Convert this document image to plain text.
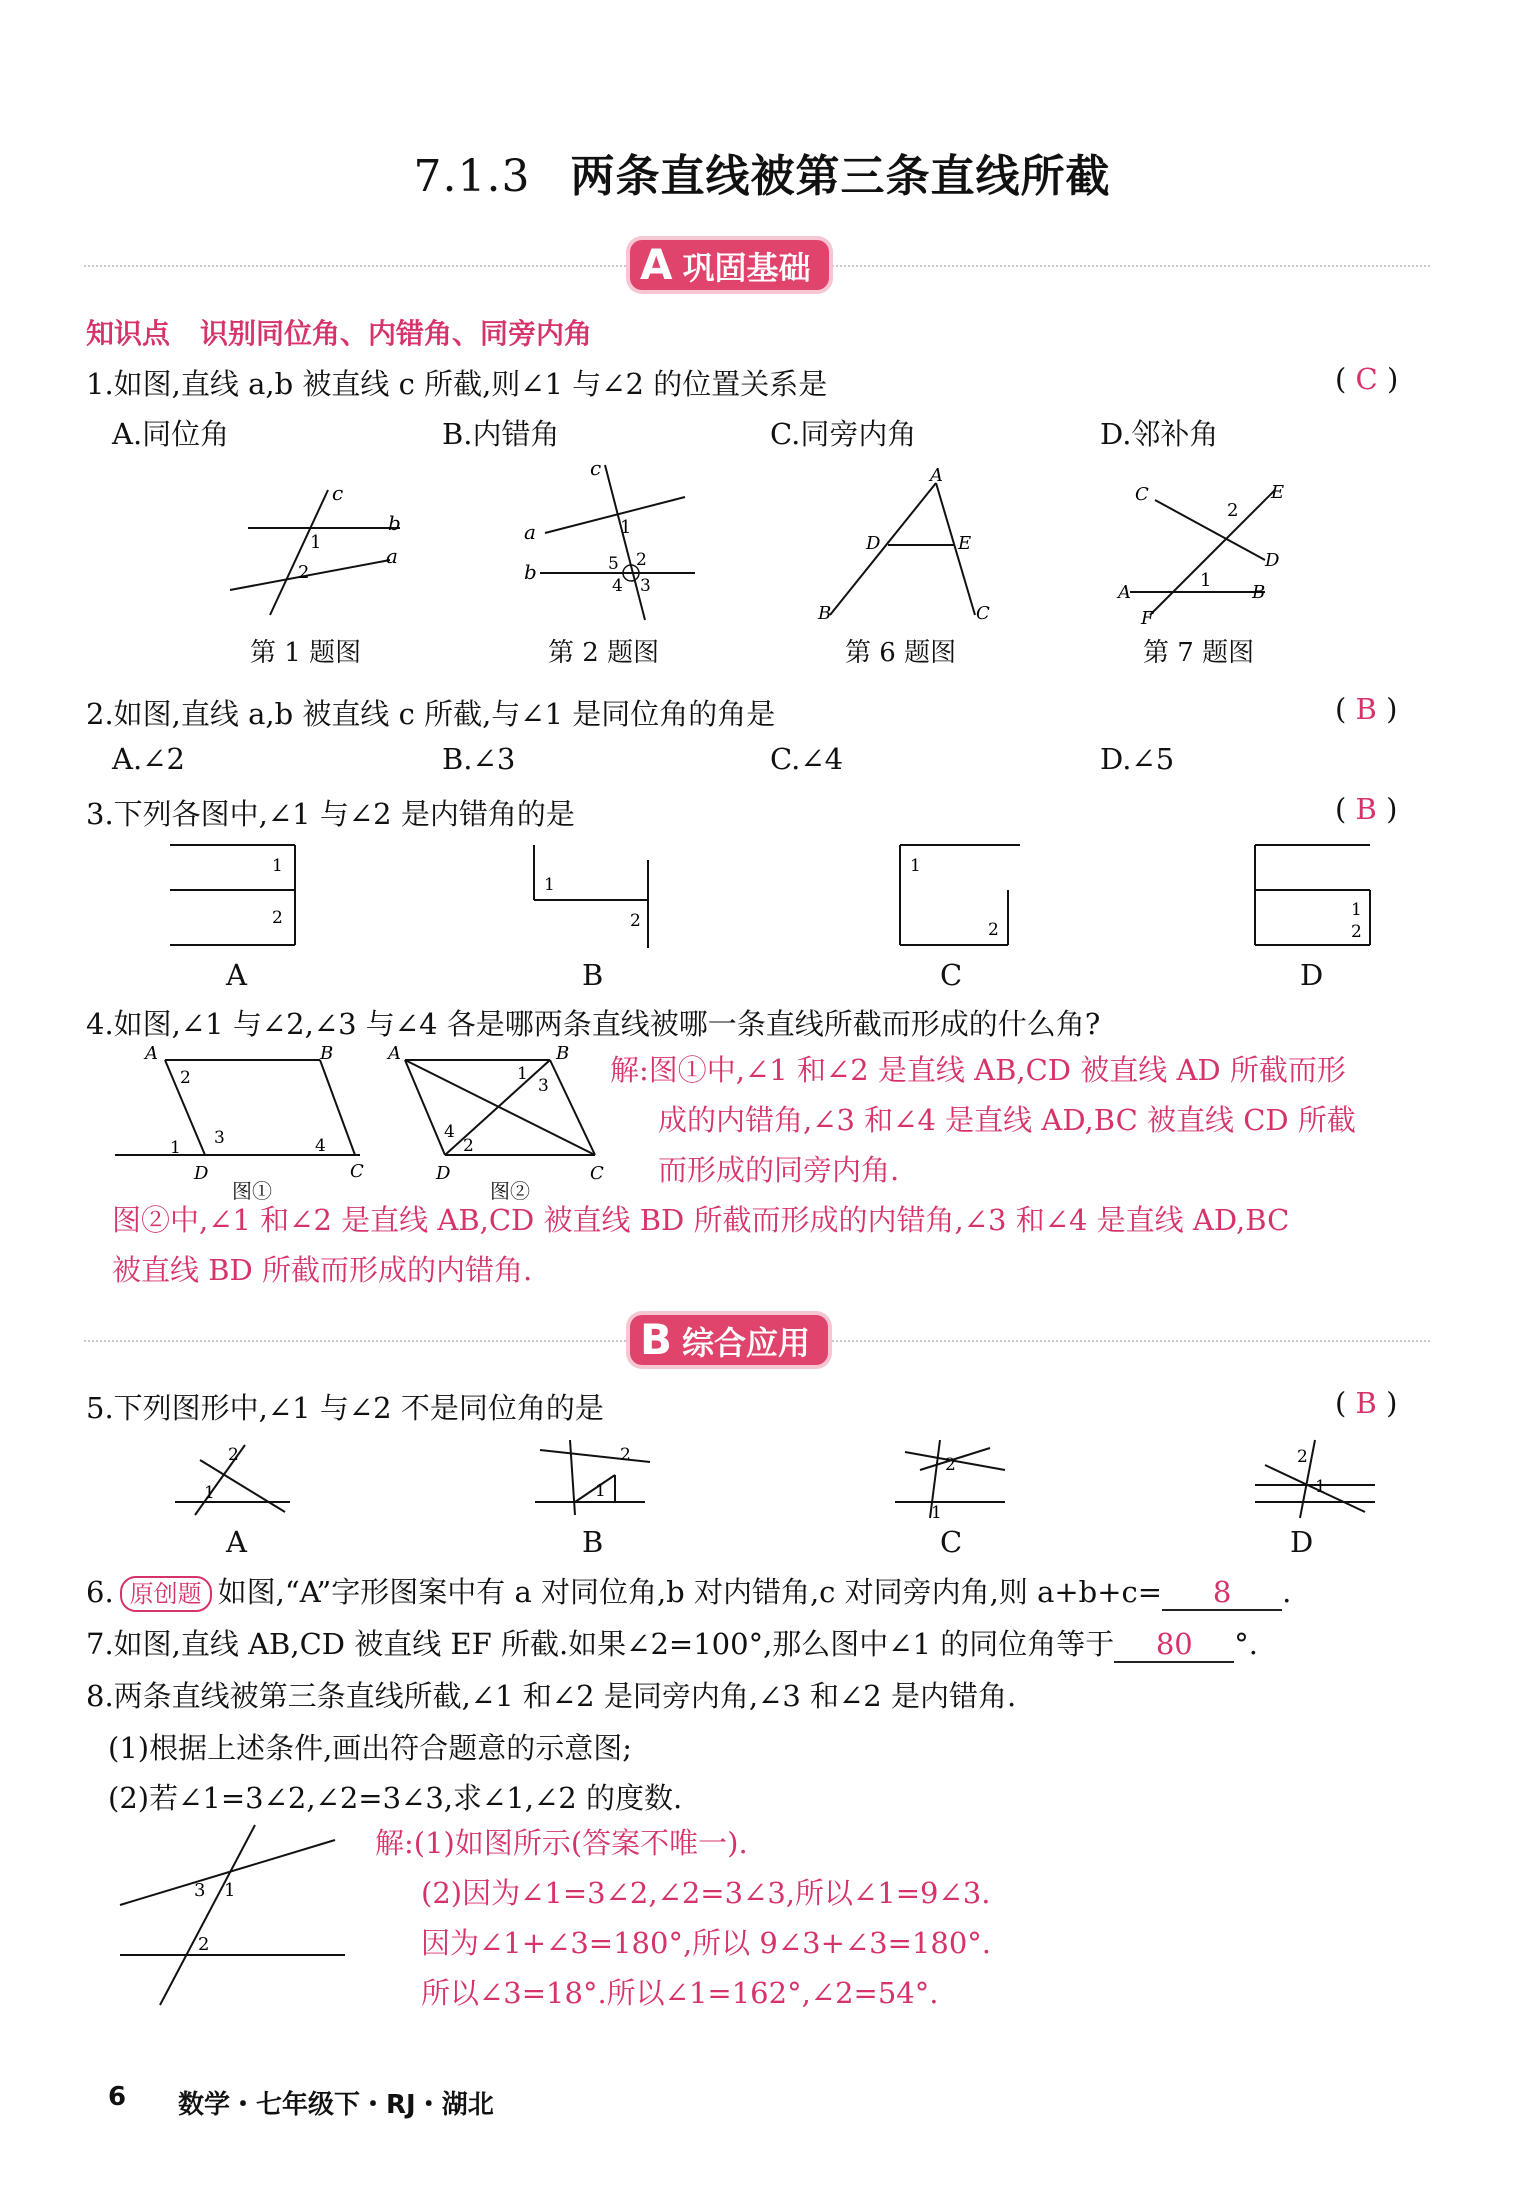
7.1.3 两条直线被第三条直线所截
A 巩固基础
知识点 识别同位角、内错角、同旁内角
1.如图,直线 a,b 被直线 c 所截,则∠1 与∠2 的位置关系是	( C )
A.同位角	B.内错角	C.同旁内角	D.邻补角
c
1
2
b
a
第 1 题图
c
a
b
1
5
4 3
2
第 2 题图
A
D	E
B	C
第 6 题图
C	E
2
D
1
A	B
F
第 7 题图
2.如图,直线 a,b 被直线 c 所截,与∠1 是同位角的角是	( B )
A.∠2	B.∠3	C.∠4	D.∠5
3.下列各图中,∠1 与∠2 是内错角的是	( B )
1
2
1
2
1
2
1
2
A	B	C	D
4.如图,∠1 与∠2,∠3 与∠4 各是哪两条直线被哪一条直线所截而形成的什么角?
A
2
B
1 3	4
D	C
图①
A	B
1
3
4
2
D	C
图②
解:图①中,∠1 和∠2 是直线 AB,CD 被直线 AD 所截而形
成的内错角,∠3 和∠4 是直线 AD,BC 被直线 CD 所截
而形成的同旁内角.
图②中,∠1 和∠2 是直线 AB,CD 被直线 BD 所截而形成的内错角,∠3 和∠4 是直线 AD,BC
被直线 BD 所截而形成的内错角.
B 综合应用
5.下列图形中,∠1 与∠2 不是同位角的是	( B )
2
1
2
1
2
1
2
1
A	B	C	D
6. 原创题 如图,“A”字形图案中有 a 对同位角,b 对内错角,c 对同旁内角,则 a+b+c= 8 .
7.如图,直线 AB,CD 被直线 EF 所截.如果∠2=100°,那么图中∠1 的同位角等于 80 °.
8.两条直线被第三条直线所截,∠1 和∠2 是同旁内角,∠3 和∠2 是内错角.
(1)根据上述条件,画出符合题意的示意图;
(2)若∠1=3∠2,∠2=3∠3,求∠1,∠2 的度数.
3 1
2
解:(1)如图所示(答案不唯一).
(2)因为∠1=3∠2,∠2=3∠3,所以∠1=9∠3.
因为∠1+∠3=180°,所以 9∠3+∠3=180°.
所以∠3=18°.所以∠1=162°,∠2=54°.
6 数学・七年级下・RJ・湖北
